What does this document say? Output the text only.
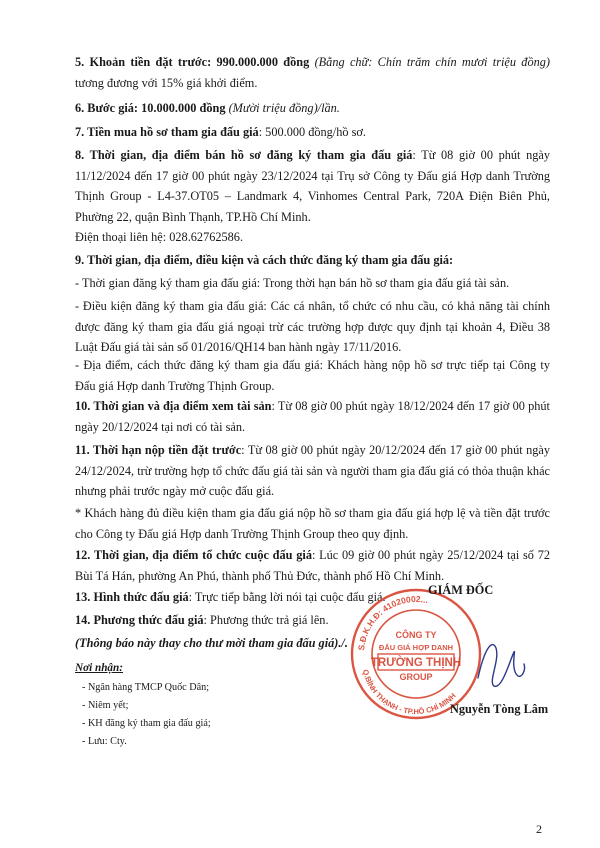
5. Khoản tiền đặt trước: 990.000.000 đồng (Bằng chữ: Chín trăm chín mươi triệu đồng) tương đương với 15% giá khởi điểm.
6. Bước giá: 10.000.000 đồng (Mười triệu đồng)/lần.
7. Tiền mua hồ sơ tham gia đấu giá: 500.000 đồng/hồ sơ.
8. Thời gian, địa điểm bán hồ sơ đăng ký tham gia đấu giá: Từ 08 giờ 00 phút ngày 11/12/2024 đến 17 giờ 00 phút ngày 23/12/2024 tại Trụ sở Công ty Đấu giá Hợp danh Trường Thịnh Group - L4-37.OT05 – Landmark 4, Vinhomes Central Park, 720A Điện Biên Phủ, Phường 22, quận Bình Thạnh, TP.Hồ Chí Minh.
Điện thoại liên hệ: 028.62762586.
9. Thời gian, địa điểm, điều kiện và cách thức đăng ký tham gia đấu giá:
- Thời gian đăng ký tham gia đấu giá: Trong thời hạn bán hồ sơ tham gia đấu giá tài sản.
- Điều kiện đăng ký tham gia đấu giá: Các cá nhân, tổ chức có nhu cầu, có khả năng tài chính được đăng ký tham gia đấu giá ngoại trừ các trường hợp được quy định tại khoản 4, Điều 38 Luật Đấu giá tài sản số 01/2016/QH14 ban hành ngày 17/11/2016.
- Địa điểm, cách thức đăng ký tham gia đấu giá: Khách hàng nộp hồ sơ trực tiếp tại Công ty Đấu giá Hợp danh Trường Thịnh Group.
10. Thời gian và địa điểm xem tài sản: Từ 08 giờ 00 phút ngày 18/12/2024 đến 17 giờ 00 phút ngày 20/12/2024 tại nơi có tài sản.
11. Thời hạn nộp tiền đặt trước: Từ 08 giờ 00 phút ngày 20/12/2024 đến 17 giờ 00 phút ngày 24/12/2024, trừ trường hợp tổ chức đấu giá tài sản và người tham gia đấu giá có thỏa thuận khác nhưng phải trước ngày mở cuộc đấu giá.
* Khách hàng đủ điều kiện tham gia đấu giá nộp hồ sơ tham gia đấu giá hợp lệ và tiền đặt trước cho Công ty Đấu giá Hợp danh Trường Thịnh Group theo quy định.
12. Thời gian, địa điểm tổ chức cuộc đấu giá: Lúc 09 giờ 00 phút ngày 25/12/2024 tại số 72 Bùi Tá Hán, phường An Phú, thành phố Thủ Đức, thành phố Hồ Chí Minh.
13. Hình thức đấu giá: Trực tiếp bằng lời nói tại cuộc đấu giá.
14. Phương thức đấu giá: Phương thức trả giá lên.
(Thông báo này thay cho thư mời tham gia đấu giá)./.
Nơi nhận:
- Ngân hàng TMCP Quốc Dân;
- Niêm yết;
- KH đăng ký tham gia đấu giá;
- Lưu: Cty.
S.Đ.K.H.Đ: 41020002...
Q.BÌNH THẠNH - TP.HỒ CHÍ MINH
CÔNG TY
ĐẤU GIÁ HỢP DANH
TRƯỜNG THỊNH
GROUP
GIÁM ĐỐC
Nguyễn Tòng Lâm
2
